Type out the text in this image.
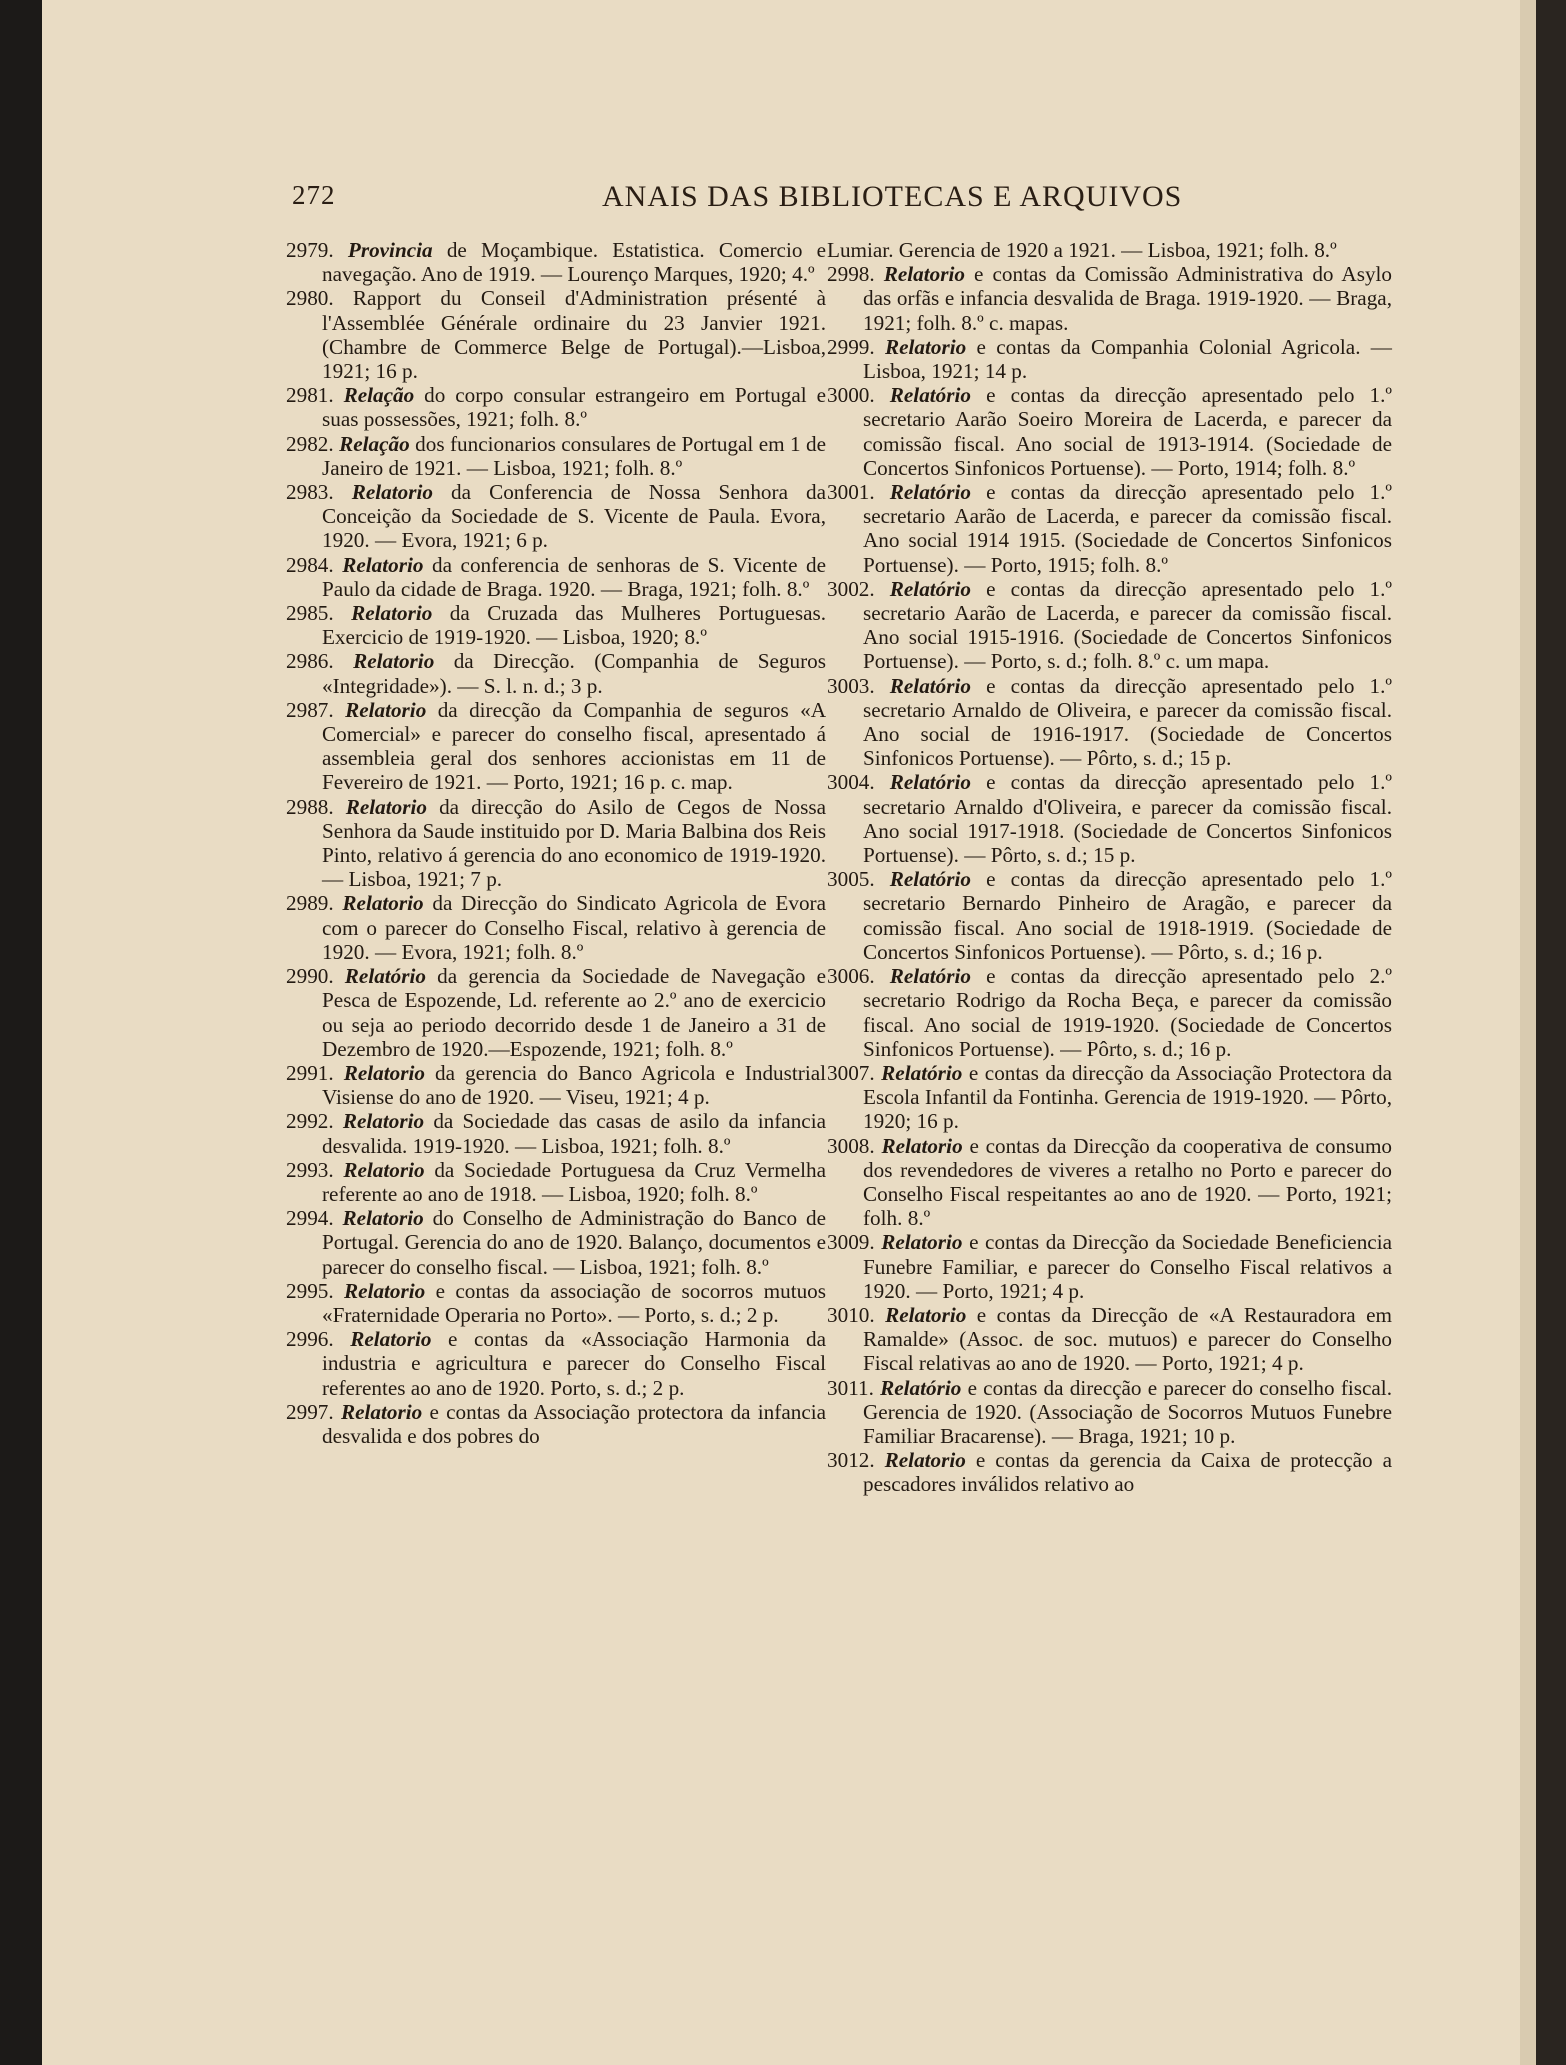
272	ANAIS DAS BIBLIOTECAS E ARQUIVOS

2979. Provincia de Moçambique. Estatistica. Comercio e navegação. Ano de 1919. — Lourenço Marques, 1920; 4.º

2980. Rapport du Conseil d'Administration présenté à l'Assemblée Générale ordinaire du 23 Janvier 1921. (Chambre de Commerce Belge de Portugal).—Lisboa, 1921; 16 p.

2981. Relação do corpo consular estrangeiro em Portugal e suas possessões, 1921; folh. 8.º

2982. Relação dos funcionarios consulares de Portugal em 1 de Janeiro de 1921. — Lisboa, 1921; folh. 8.º

2983. Relatorio da Conferencia de Nossa Senhora da Conceição da Sociedade de S. Vicente de Paula. Evora, 1920. — Evora, 1921; 6 p.

2984. Relatorio da conferencia de senhoras de S. Vicente de Paulo da cidade de Braga. 1920. — Braga, 1921; folh. 8.º

2985. Relatorio da Cruzada das Mulheres Portuguesas. Exercicio de 1919-1920. — Lisboa, 1920; 8.º

2986. Relatorio da Direcção. (Companhia de Seguros «Integridade»). — S. l. n. d.; 3 p.

2987. Relatorio da direcção da Companhia de seguros «A Comercial» e parecer do conselho fiscal, apresentado á assembleia geral dos senhores accionistas em 11 de Fevereiro de 1921. — Porto, 1921; 16 p. c. map.

2988. Relatorio da direcção do Asilo de Cegos de Nossa Senhora da Saude instituido por D. Maria Balbina dos Reis Pinto, relativo á gerencia do ano economico de 1919-1920. — Lisboa, 1921; 7 p.

2989. Relatorio da Direcção do Sindicato Agricola de Evora com o parecer do Conselho Fiscal, relativo à gerencia de 1920. — Evora, 1921; folh. 8.º

2990. Relatório da gerencia da Sociedade de Navegação e Pesca de Espozende, Ld. referente ao 2.º ano de exercicio ou seja ao periodo decorrido desde 1 de Janeiro a 31 de Dezembro de 1920.—Espozende, 1921; folh. 8.º

2991. Relatorio da gerencia do Banco Agricola e Industrial Visiense do ano de 1920. — Viseu, 1921; 4 p.

2992. Relatorio da Sociedade das casas de asilo da infancia desvalida. 1919-1920. — Lisboa, 1921; folh. 8.º

2993. Relatorio da Sociedade Portuguesa da Cruz Vermelha referente ao ano de 1918. — Lisboa, 1920; folh. 8.º

2994. Relatorio do Conselho de Administração do Banco de Portugal. Gerencia do ano de 1920. Balanço, documentos e parecer do conselho fiscal. — Lisboa, 1921; folh. 8.º

2995. Relatorio e contas da associação de socorros mutuos «Fraternidade Operaria no Porto». — Porto, s. d.; 2 p.

2996. Relatorio e contas da «Associação Harmonia da industria e agricultura e parecer do Conselho Fiscal referentes ao ano de 1920. Porto, s. d.; 2 p.

2997. Relatorio e contas da Associação protectora da infancia desvalida e dos pobres do

Lumiar. Gerencia de 1920 a 1921. — Lisboa, 1921; folh. 8.º

2998. Relatorio e contas da Comissão Administrativa do Asylo das orfãs e infancia desvalida de Braga. 1919-1920. — Braga, 1921; folh. 8.º c. mapas.

2999. Relatorio e contas da Companhia Colonial Agricola. — Lisboa, 1921; 14 p.

3000. Relatório e contas da direcção apresentado pelo 1.º secretario Aarão Soeiro Moreira de Lacerda, e parecer da comissão fiscal. Ano social de 1913-1914. (Sociedade de Concertos Sinfonicos Portuense). — Porto, 1914; folh. 8.º

3001. Relatório e contas da direcção apresentado pelo 1.º secretario Aarão de Lacerda, e parecer da comissão fiscal. Ano social 1914 1915. (Sociedade de Concertos Sinfonicos Portuense). — Porto, 1915; folh. 8.º

3002. Relatório e contas da direcção apresentado pelo 1.º secretario Aarão de Lacerda, e parecer da comissão fiscal. Ano social 1915-1916. (Sociedade de Concertos Sinfonicos Portuense). — Porto, s. d.; folh. 8.º c. um mapa.

3003. Relatório e contas da direcção apresentado pelo 1.º secretario Arnaldo de Oliveira, e parecer da comissão fiscal. Ano social de 1916-1917. (Sociedade de Concertos Sinfonicos Portuense). — Pôrto, s. d.; 15 p.

3004. Relatório e contas da direcção apresentado pelo 1.º secretario Arnaldo d'Oliveira, e parecer da comissão fiscal. Ano social 1917-1918. (Sociedade de Concertos Sinfonicos Portuense). — Pôrto, s. d.; 15 p.

3005. Relatório e contas da direcção apresentado pelo 1.º secretario Bernardo Pinheiro de Aragão, e parecer da comissão fiscal. Ano social de 1918-1919. (Sociedade de Concertos Sinfonicos Portuense). — Pôrto, s. d.; 16 p.

3006. Relatório e contas da direcção apresentado pelo 2.º secretario Rodrigo da Rocha Beça, e parecer da comissão fiscal. Ano social de 1919-1920. (Sociedade de Concertos Sinfonicos Portuense). — Pôrto, s. d.; 16 p.

3007. Relatório e contas da direcção da Associação Protectora da Escola Infantil da Fontinha. Gerencia de 1919-1920. — Pôrto, 1920; 16 p.

3008. Relatorio e contas da Direcção da cooperativa de consumo dos revendedores de viveres a retalho no Porto e parecer do Conselho Fiscal respeitantes ao ano de 1920. — Porto, 1921; folh. 8.º

3009. Relatorio e contas da Direcção da Sociedade Beneficiencia Funebre Familiar, e parecer do Conselho Fiscal relativos a 1920. — Porto, 1921; 4 p.

3010. Relatorio e contas da Direcção de «A Restauradora em Ramalde» (Assoc. de soc. mutuos) e parecer do Conselho Fiscal relativas ao ano de 1920. — Porto, 1921; 4 p.

3011. Relatório e contas da direcção e parecer do conselho fiscal. Gerencia de 1920. (Associação de Socorros Mutuos Funebre Familiar Bracarense). — Braga, 1921; 10 p.

3012. Relatorio e contas da gerencia da Caixa de protecção a pescadores inválidos relativo ao
